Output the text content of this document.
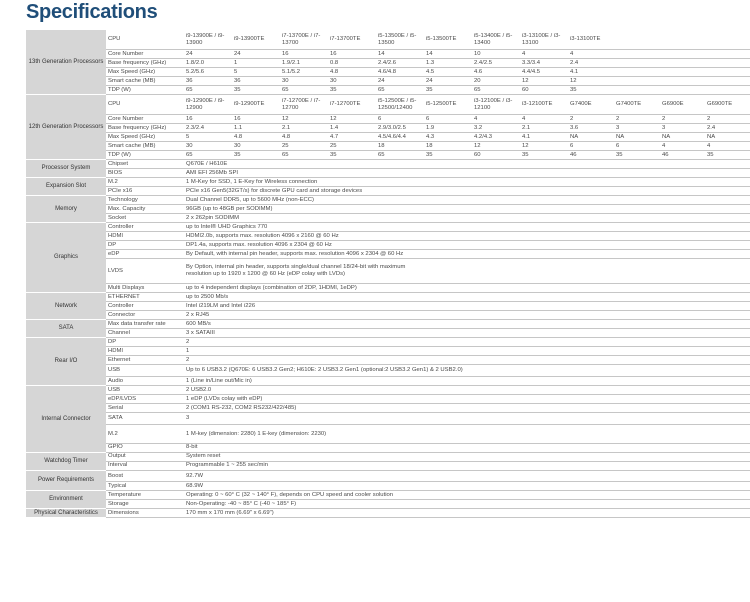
Specifications
13th Generation Processors	CPU	i9-13900E / i9-13900	i9-13900TE	i7-13700E / i7-13700	i7-13700TE	i5-13500E / i5-13500	i5-13500TE	i5-13400E / i5-13400	i3-13100E / i3-13100	i3-13100TE			
	Core Number	24	24	16	16	14	14	10	4	4			
	Base frequency (GHz)	1.8/2.0	1	1.9/2.1	0.8	2.4/2.6	1.3	2.4/2.5	3.3/3.4	2.4			
	Max Speed (GHz)	5.2/5.6	5	5.1/5.2	4.8	4.6/4.8	4.5	4.6	4.4/4.5	4.1			
	Smart cache (MB)	36	36	30	30	24	24	20	12	12			
	TDP (W)	65	35	65	35	65	35	65	60	35			
12th Generation Processors	CPU	i9-12900E / i9-12900	i9-12900TE	i7-12700E / i7-12700	i7-12700TE	i5-12500E / i5-12500/12400	i5-12500TE	i3-12100E / i3-12100	i3-12100TE	G7400E	G7400TE	G6900E	G6900TE
	Core Number	16	16	12	12	6	6	4	4	2	2	2	2
	Base frequency (GHz)	2.3/2.4	1.1	2.1	1.4	2.9/3.0/2.5	1.9	3.2	2.1	3.6	3	3	2.4
	Max Speed (GHz)	5	4.8	4.8	4.7	4.5/4.6/4.4	4.3	4.2/4.3	4.1	NA	NA	NA	NA
	Smart cache (MB)	30	30	25	25	18	18	12	12	6	6	4	4
	TDP (W)	65	35	65	35	65	35	60	35	46	35	46	35
Processor System	Chipset	Q670E / H610E											
	BIOS	AMI EFI 256Mb SPI											
Expansion Slot	M.2	1 M-Key for SSD, 1 E-Key for Wireless connection											
	PCIe x16	PCIe x16 Gen5(32GT/s) for discrete GPU card and storage devices											
Memory	Technology	Dual Channel DDR5, up to 5600 MHz (non-ECC)											
	Max. Capacity	96GB (up to 48GB per SODIMM)											
	Socket	2 x 262pin SODIMM											
Graphics	Controller	up to Intel® UHD Graphics 770											
	HDMI	HDMI2.0b, supports max. resolution 4096 x 2160 @ 60 Hz											
	DP	DP1.4a, supports max. resolution 4096 x 2304 @ 60 Hz											
	eDP	By Default, with internal pin header, supports max. resolution 4096 x 2304 @ 60 Hz											
	LVDS	By Option, internal pin header, supports single/dual channel 18/24-bit with maximum resolution up to 1920 x 1200 @ 60 Hz (eDP colay with LVDs)											
	Multi Displays	up to 4 independent displays (combination of 2DP, 1HDMI, 1eDP)											
Network	ETHERNET	up to 2500 Mb/s											
	Controller	Intel i219LM and Intel i226											
	Connector	2 x RJ45											
SATA	Max data transfer rate	600 MB/s											
	Channel	3 x SATAIII											
Rear I/O	DP	2											
	HDMI	1											
	Ethernet	2											
	USB	Up to 6 USB3.2 (Q670E: 6 USB3.2 Gen2; H610E: 2 USB3.2 Gen1 (optional:2 USB3.2 Gen1) & 2 USB2.0)											
	Audio	1 (Line in/Line out/Mic in)											
Internal Connector	USB	2 USB2.0											
	eDP/LVDS	1 eDP (LVDs colay with eDP)											
	Serial	2 (COM1 RS-232, COM2 RS232/422/485)											
	SATA	3											
	M.2	1 M-key (dimension: 2280) 1 E-key (dimension: 2230)											
	GPIO	8-bit											
Watchdog Timer	Output	System reset											
	Interval	Programmable 1 ~ 255 sec/min											
Power Requirements	Boost	92.7W											
	Typical	68.9W											
Environment	Temperature	Operating: 0 ~ 60° C (32 ~ 140° F), depends on CPU speed and cooler solution											
	Storage	Non-Operating: -40 ~ 85° C (-40 ~ 185° F)											
Physical Characteristics	Dimensions	170 mm x 170 mm (6.69" x 6.69")											
